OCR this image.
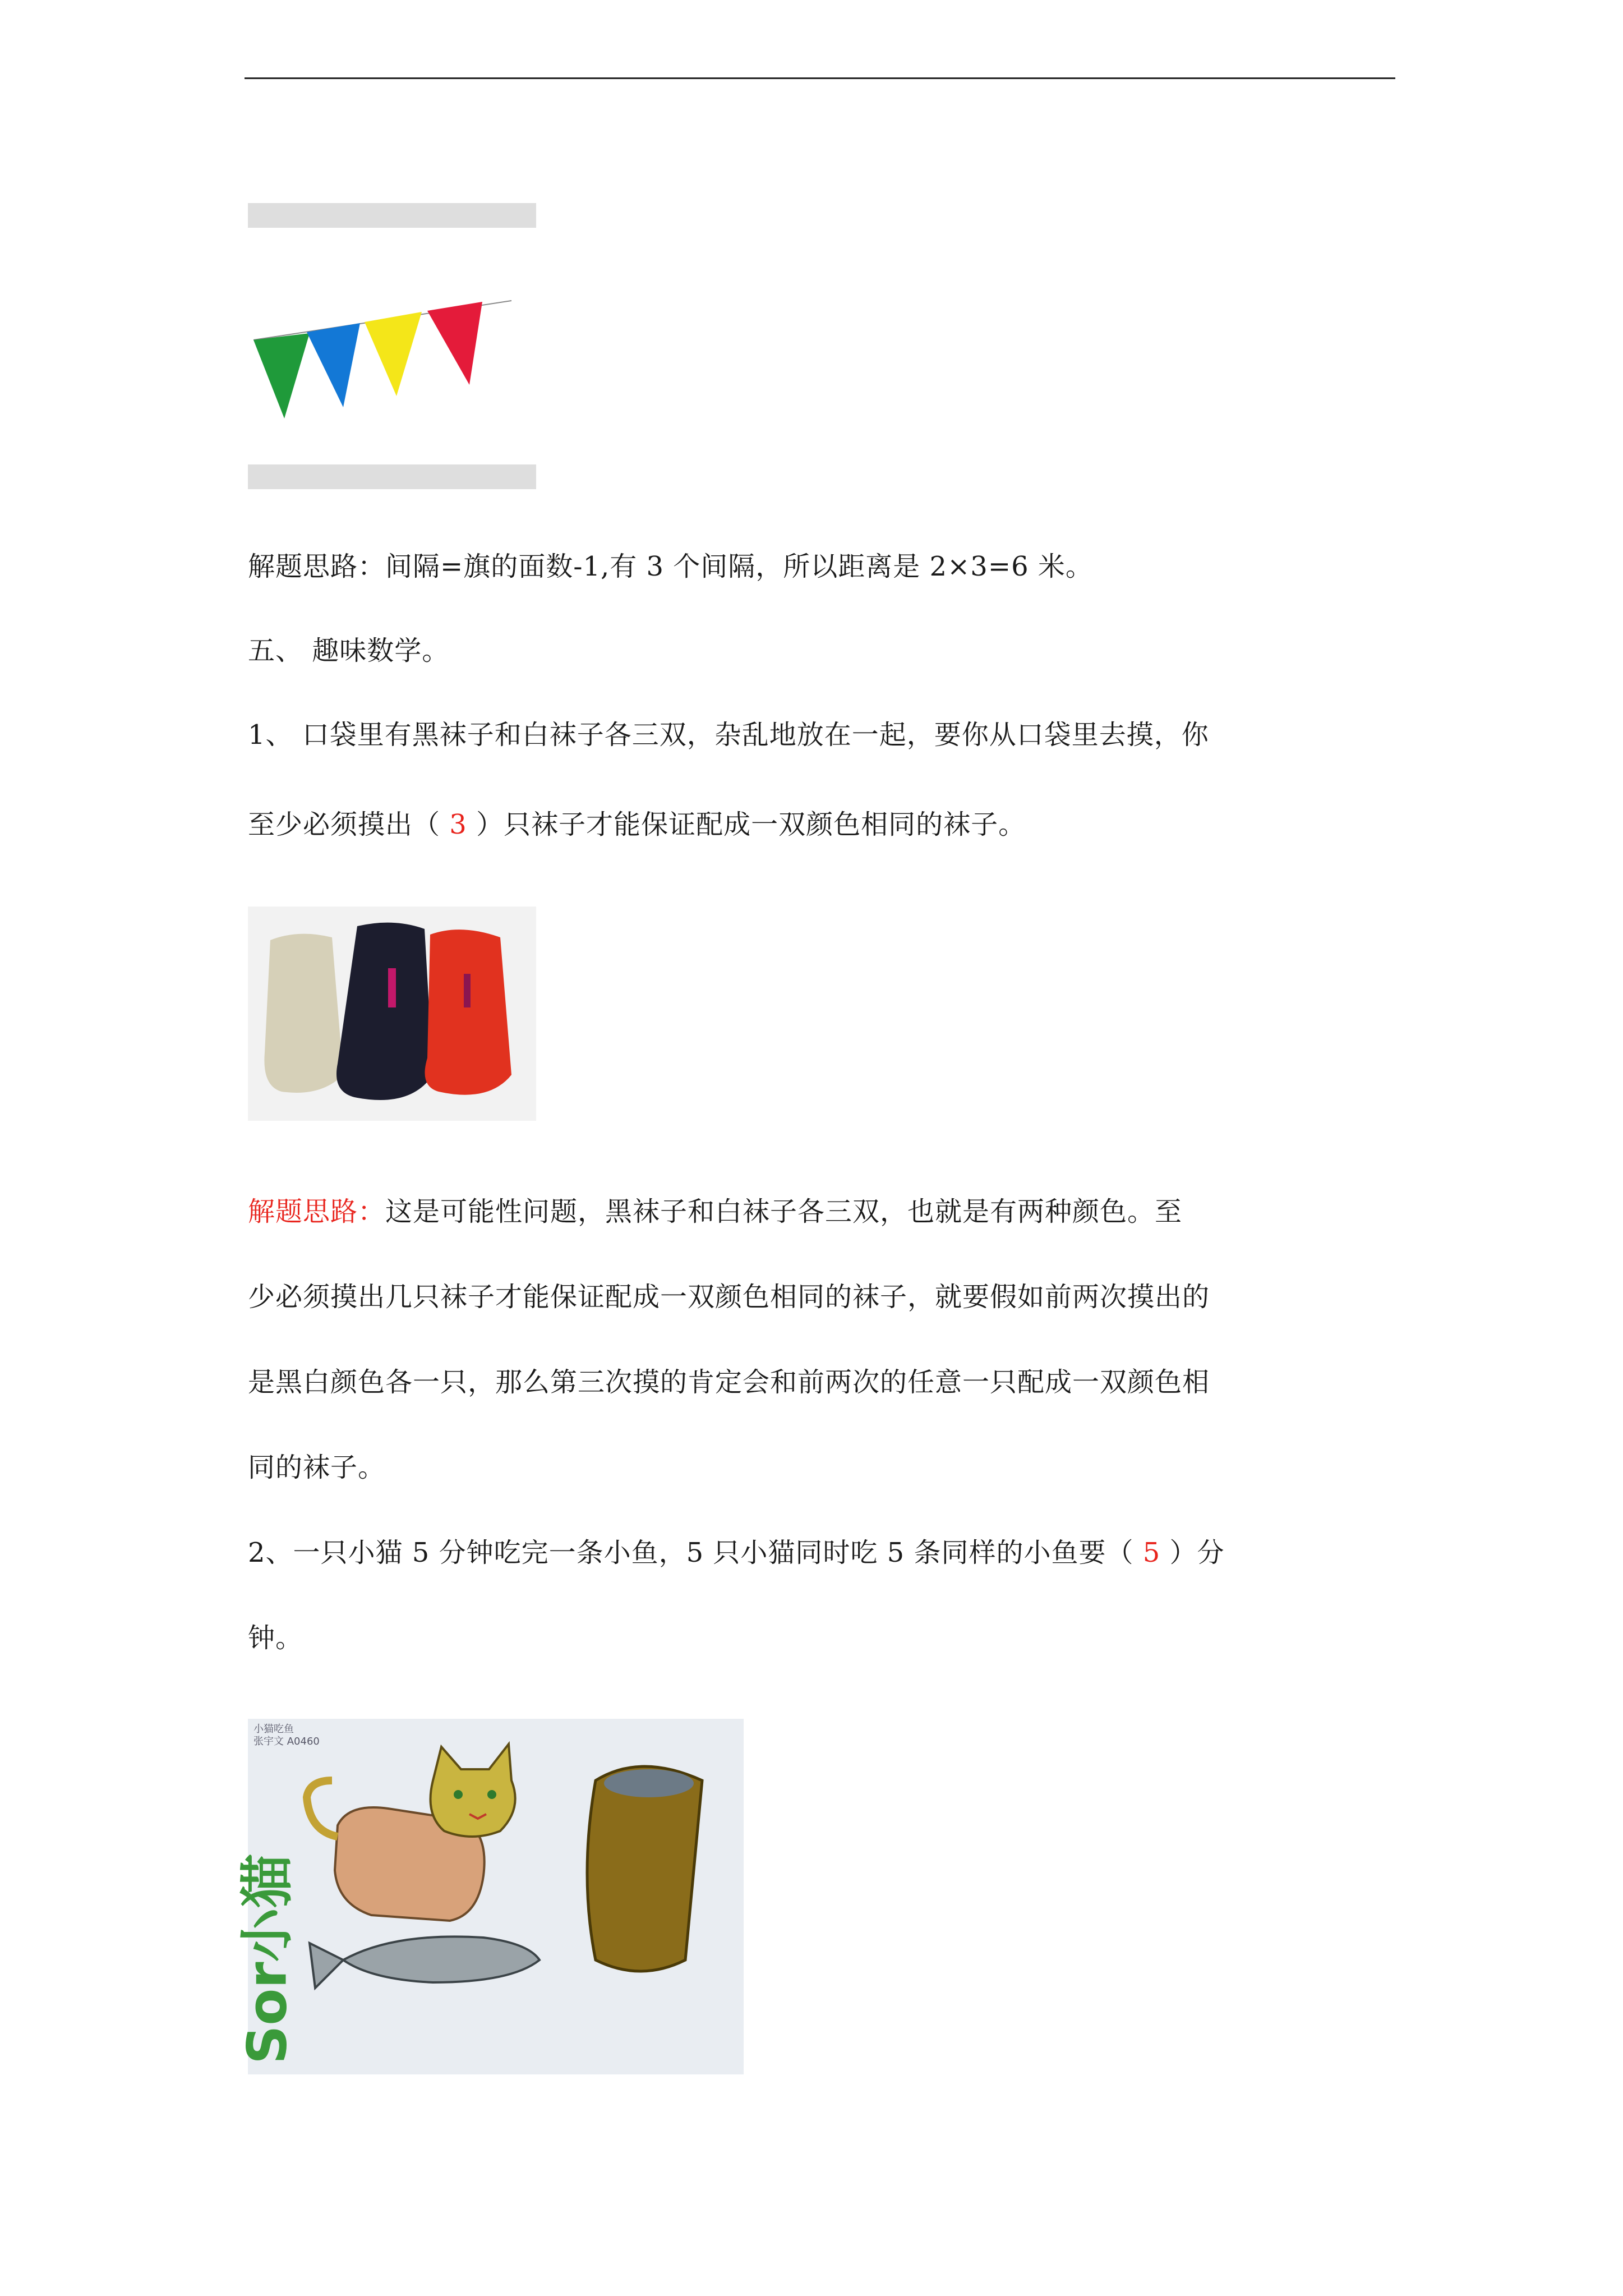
解题思路：间隔=旗的面数-1,有 3 个间隔，所以距离是 2×3=6 米。
五、 趣味数学。
1、 口袋里有黑袜子和白袜子各三双，杂乱地放在一起，要你从口袋里去摸，你
至少必须摸出（ 3 ）只袜子才能保证配成一双颜色相同的袜子。
解题思路：这是可能性问题，黑袜子和白袜子各三双，也就是有两种颜色。至
少必须摸出几只袜子才能保证配成一双颜色相同的袜子，就要假如前两次摸出的
是黑白颜色各一只，那么第三次摸的肯定会和前两次的任意一只配成一双颜色相
同的袜子。
2、一只小猫 5 分钟吃完一条小鱼，5 只小猫同时吃 5 条同样的小鱼要（ 5 ）分
钟。
小猫吃鱼
张宇文 A0460
Sor小猫
